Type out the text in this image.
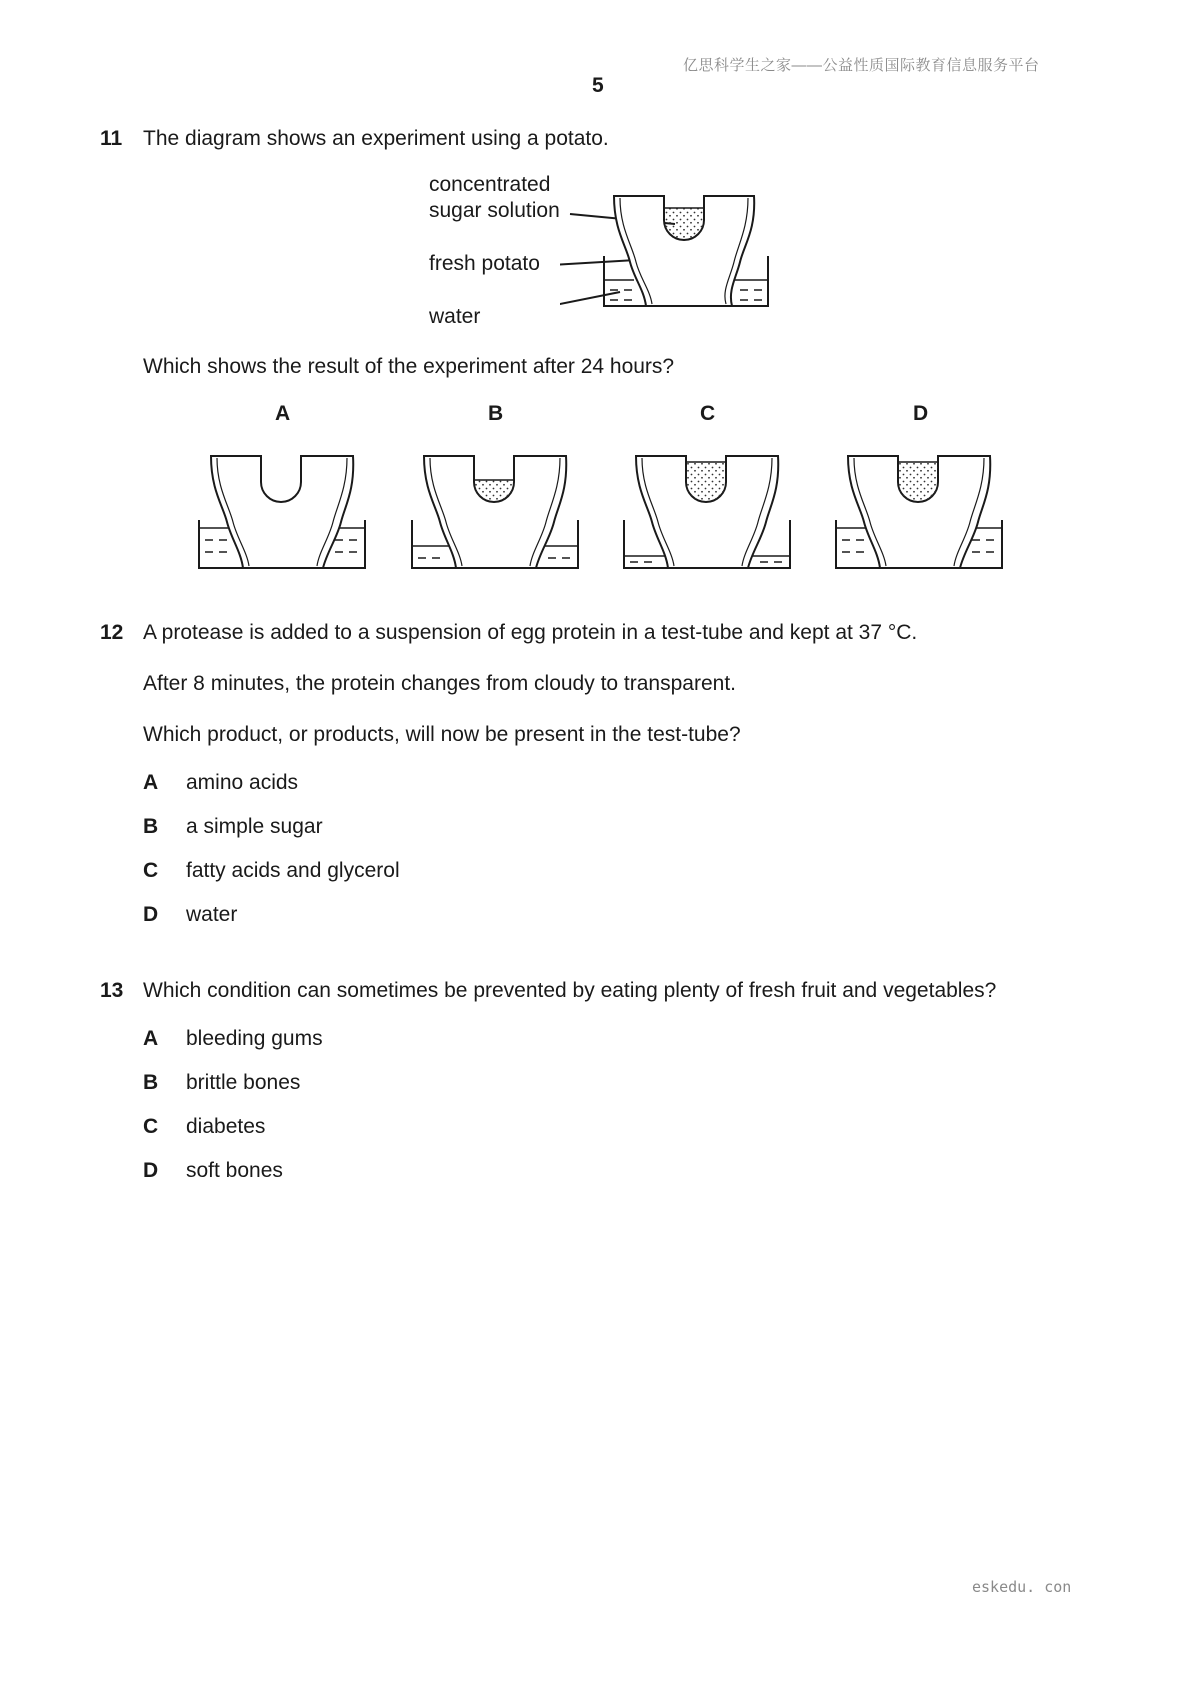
亿思科学生之家——公益性质国际教育信息服务平台
5
11 The diagram shows an experiment using a potato.
concentrated
sugar solution
fresh potato
water
Which shows the result of the experiment after 24 hours?
A	B	C	D
12 A protease is added to a suspension of egg protein in a test-tube and kept at 37 °C.
After 8 minutes, the protein changes from cloudy to transparent.
Which product, or products, will now be present in the test-tube?
A amino acids
B a simple sugar
C fatty acids and glycerol
D water
13 Which condition can sometimes be prevented by eating plenty of fresh fruit and vegetables?
A bleeding gums
B brittle bones
C diabetes
D soft bones
eskedu. con
